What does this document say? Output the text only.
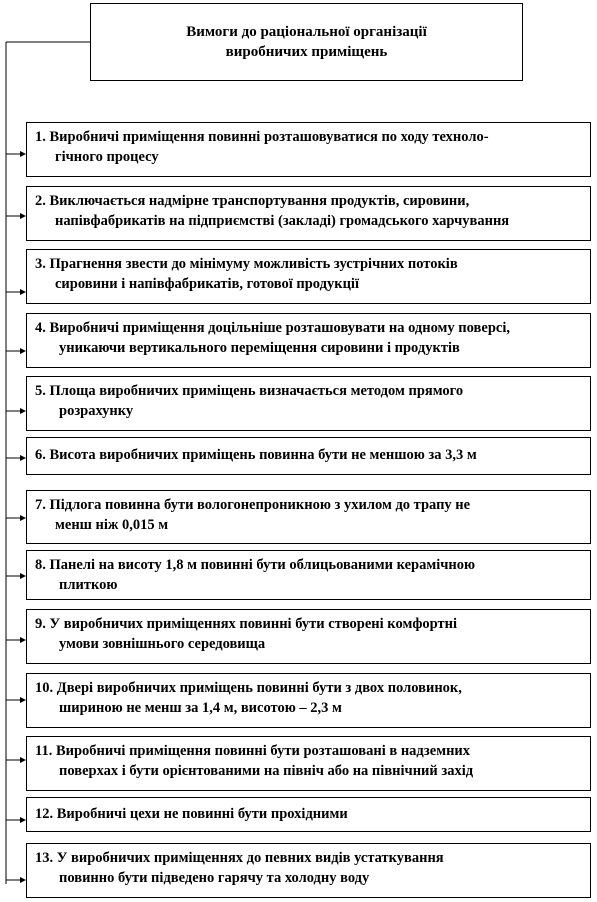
Вимоги до раціональної організації
виробничих приміщень
1. Виробничі приміщення повинні розташовуватися по ходу техноло-
гічного процесу
2. Виключається надмірне транспортування продуктів, сировини,
напівфабрикатів на підприємстві (закладі) громадського харчування
3. Прагнення звести до мінімуму можливість зустрічних потоків
сировини і напівфабрикатів, готової продукції
4. Виробничі приміщення доцільніше розташовувати на одному поверсі,
уникаючи вертикального переміщення сировини і продуктів
5. Площа виробничих приміщень визначається методом прямого
розрахунку
6. Висота виробничих приміщень повинна бути не меншою за 3,3 м
7. Підлога повинна бути вологонепроникною з ухилом до трапу не
менш ніж 0,015 м
8. Панелі на висоту 1,8 м повинні бути облицьованими керамічною
плиткою
9. У виробничих приміщеннях повинні бути створені комфортні
умови зовнішнього середовища
10. Двері виробничих приміщень повинні бути з двох половинок,
шириною не менш за 1,4 м, висотою – 2,3 м
11. Виробничі приміщення повинні бути розташовані в надземних
поверхах і бути орієнтованими на північ або на північний захід
12. Виробничі цехи не повинні бути прохідними
13. У виробничих приміщеннях до певних видів устаткування
повинно бути підведено гарячу та холодну воду
